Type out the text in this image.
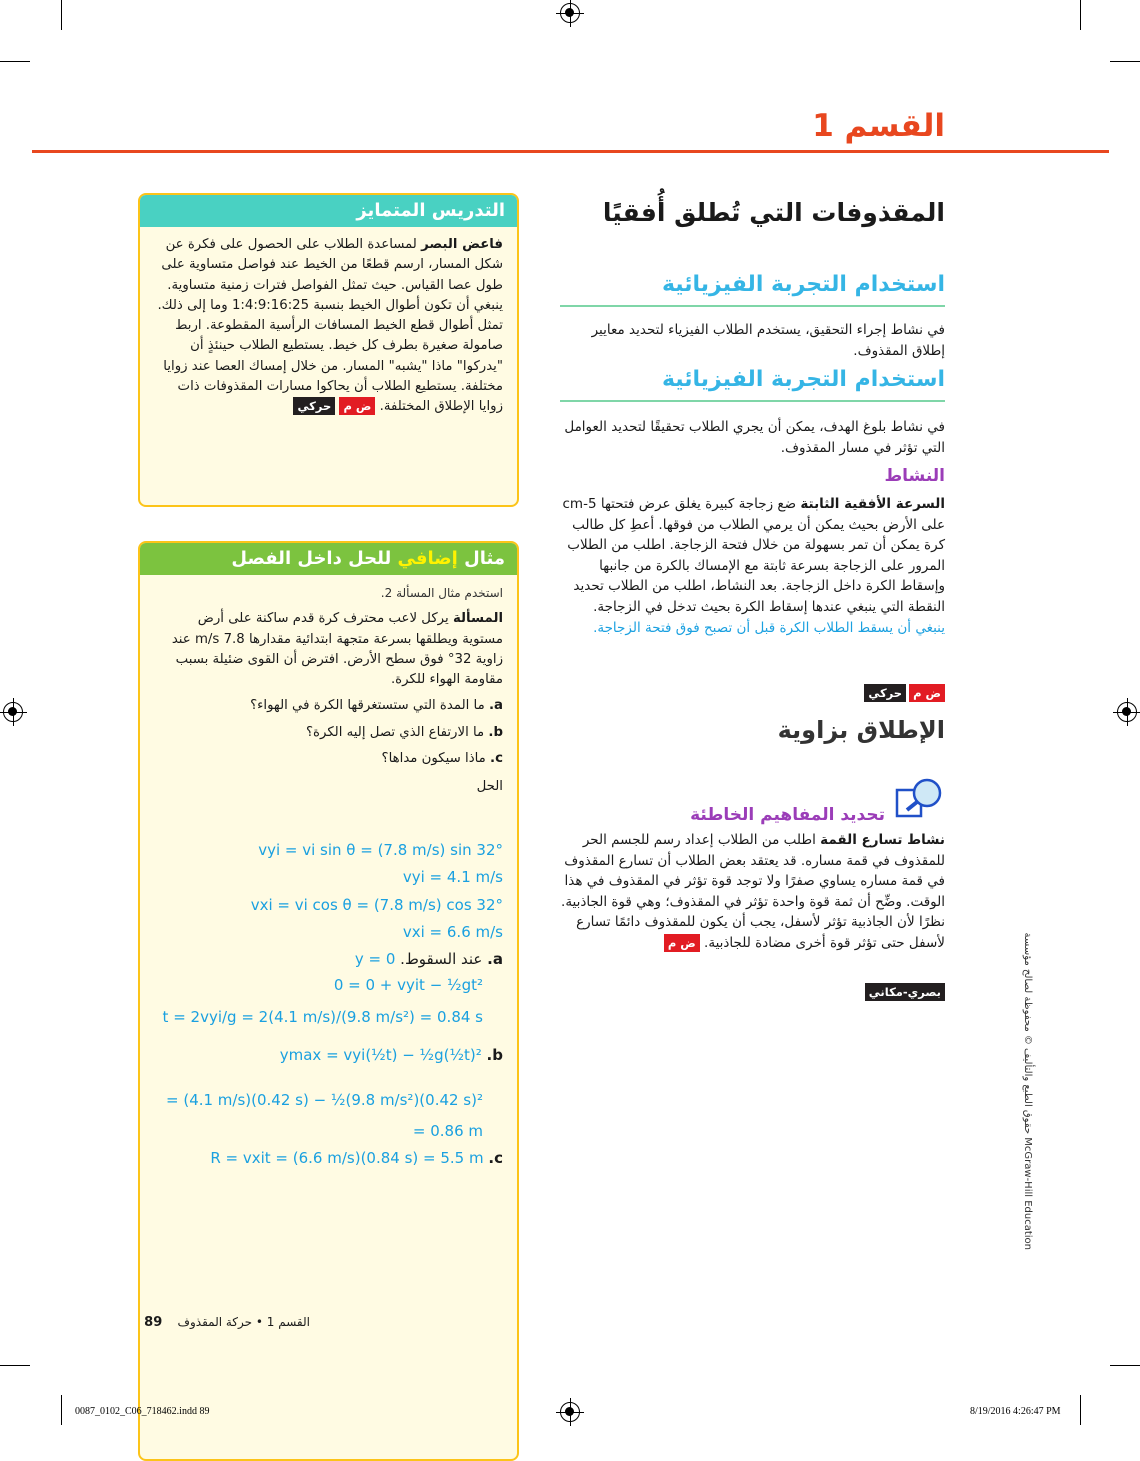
القسم 1
المقذوفات التي تُطلق أُفقيًا
استخدام التجربة الفيزيائية
في نشاط إجراء التحقيق، يستخدم الطلاب الفيزياء لتحديد معايير إطلاق المقذوف.
استخدام التجربة الفيزيائية
في نشاط بلوغ الهدف، يمكن أن يجري الطلاب تحقيقًا لتحديد العوامل التي تؤثر في مسار المقذوف.
النشاط
السرعة الأفقية الثابتة ضع زجاجة كبيرة يغلق عرض فتحتها 5-cm على الأرض بحيث يمكن أن يرمي الطلاب من فوقها. أعطِ كل طالب كرة يمكن أن تمر بسهولة من خلال فتحة الزجاجة. اطلب من الطلاب المرور على الزجاجة بسرعة ثابتة مع الإمساك بالكرة من جانبها وإسقاط الكرة داخل الزجاجة. بعد النشاط، اطلب من الطلاب تحديد النقطة التي ينبغي عندها إسقاط الكرة بحيث تدخل في الزجاجة. ينبغي أن يسقط الطلاب الكرة قبل أن تصبح فوق فتحة الزجاجة.
ض م
حركي
الإطلاق بزاوية
تحديد المفاهيم الخاطئة
نشاط تسارع القمة اطلب من الطلاب إعداد رسم للجسم الحر للمقذوف في قمة مساره. قد يعتقد بعض الطلاب أن تسارع المقذوف في قمة مساره يساوي صفرًا ولا توجد قوة تؤثر في المقذوف في هذا الوقت. وضِّح أن ثمة قوة واحدة تؤثر في المقذوف؛ وهي قوة الجاذبية. نظرًا لأن الجاذبية تؤثر لأسفل، يجب أن يكون للمقذوف دائمًا تسارع لأسفل حتى تؤثر قوة أخرى مضادة للجاذبية. ض م
بصري-مكاني
التدريس المتمايز
فاعض البصر لمساعدة الطلاب على الحصول على فكرة عن شكل المسار، ارسم قطعًا من الخيط عند فواصل متساوية على طول عصا القياس. حيث تمثل الفواصل فترات زمنية متساوية. ينبغي أن تكون أطوال الخيط بنسبة 1:4:9:16:25 وما إلى ذلك. تمثل أطوال قطع الخيط المسافات الرأسية المقطوعة. اربط صامولة صغيرة بطرف كل خيط. يستطيع الطلاب حينئذٍ أن "يدركوا" ماذا "يشبه" المسار. من خلال إمساك العصا عند زوايا مختلفة. يستطيع الطلاب أن يحاكوا مسارات المقذوفات ذات زوايا الإطلاق المختلفة. ض م حركي
مثال إضافي للحل داخل الفصل
استخدم مثال المسألة 2.
المسألة يركل لاعب محترف كرة قدم ساكنة على أرض مستوية ويطلقها بسرعة متجهة ابتدائية مقدارها 7.8 m/s عند زاوية 32° فوق سطح الأرض. افترض أن القوى ضئيلة بسبب مقاومة الهواء للكرة.
a. ما المدة التي ستستغرقها الكرة في الهواء؟
b. ما الارتفاع الذي تصل إليه الكرة؟
c. ماذا سيكون مداها؟
الحل
vyi = vi sin θ = (7.8 m/s) sin 32°
vyi = 4.1 m/s
vxi = vi cos θ = (7.8 m/s) cos 32°
vxi = 6.6 m/s
a. عند السقوط. y = 0
0 = 0 + vyit − ½gt²
t = 2vyi/g = 2(4.1 m/s)/(9.8 m/s²) = 0.84 s
b. ymax = vyi(½t) − ½g(½t)²
= (4.1 m/s)(0.42 s) − ½(9.8 m/s²)(0.42 s)²
= 0.86 m
c. R = vxit = (6.6 m/s)(0.84 s) = 5.5 m
حقوق الطبع والتأليف © محفوظة لصالح مؤسسة McGraw-Hill Education
القسم 1 • حركة المقذوف    89
0087_0102_C06_718462.indd 89	8/19/2016 4:26:47 PM
